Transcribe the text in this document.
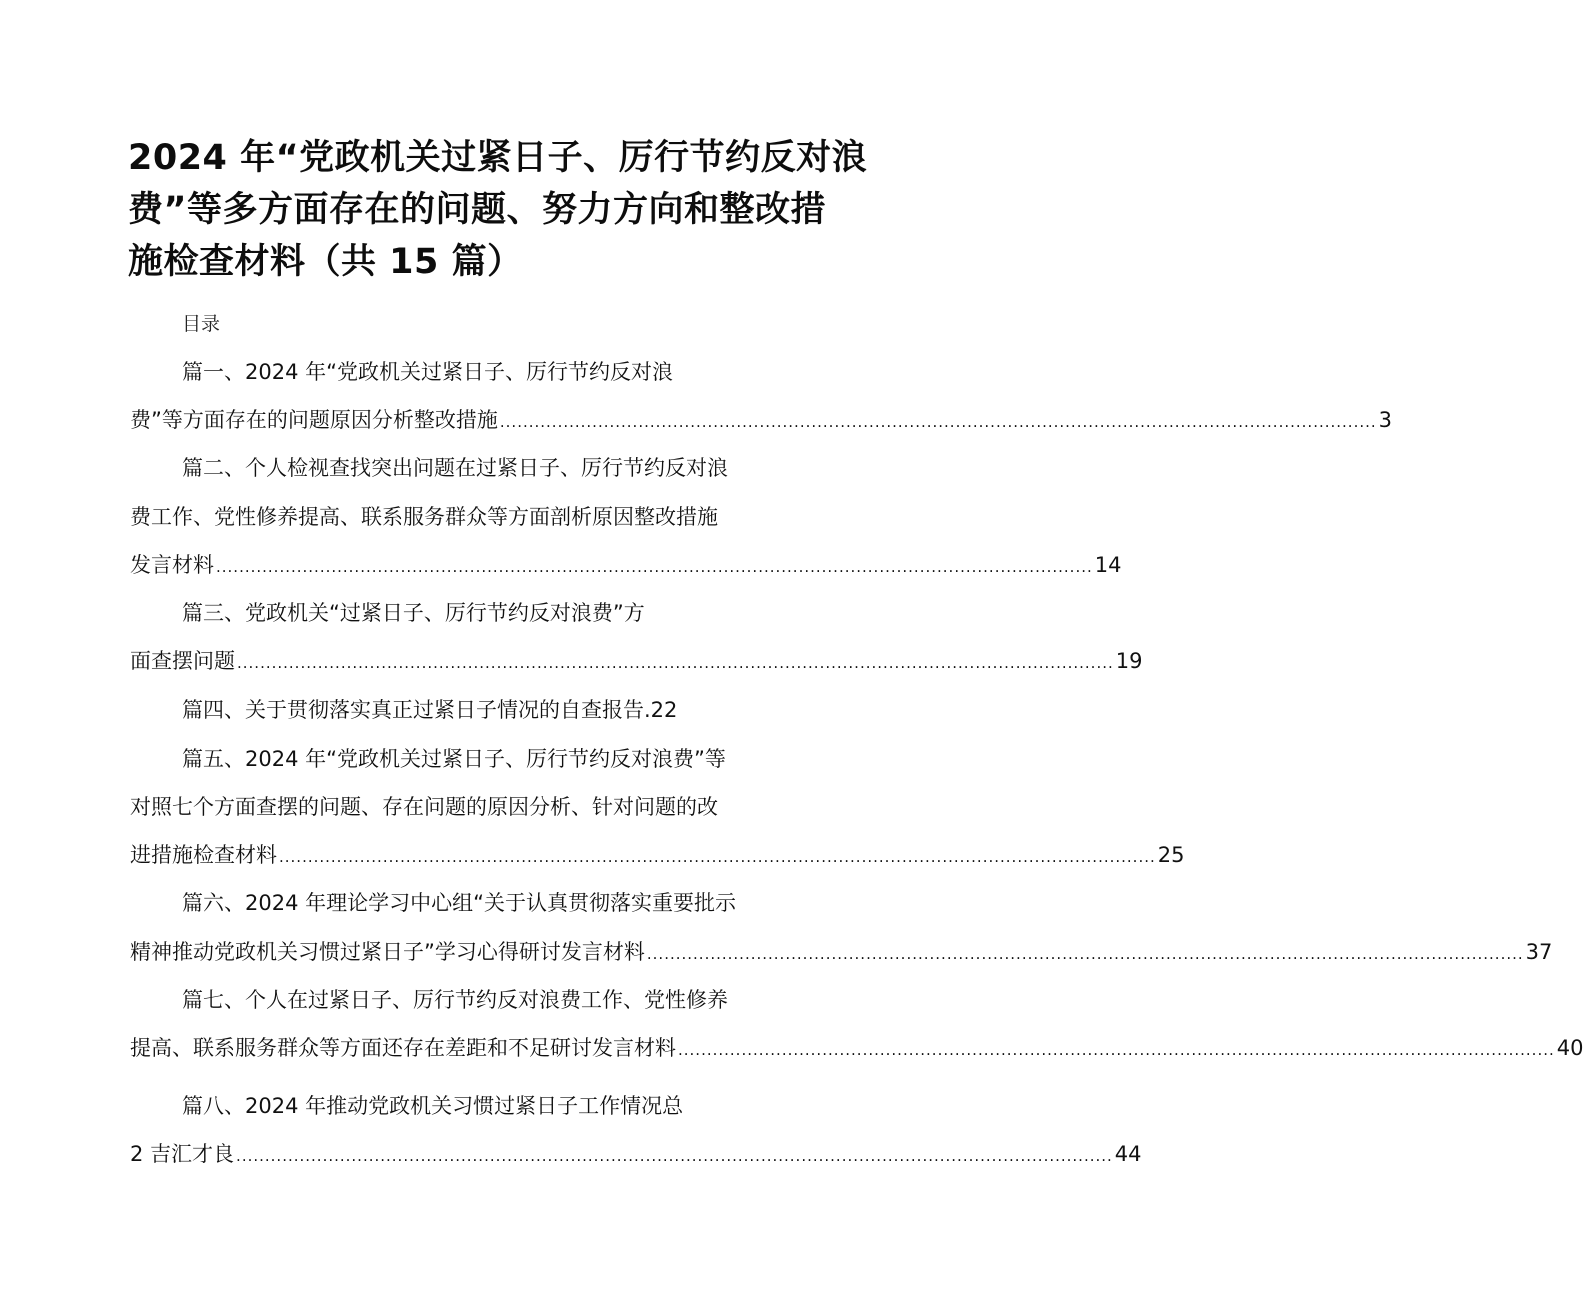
2024 年“党政机关过紧日子、厉行节约反对浪
费”等多方面存在的问题、努力方向和整改措
施检查材料（共 15 篇）
目录
篇一、2024 年“党政机关过紧日子、厉行节约反对浪
费”等方面存在的问题原因分析整改措施 ........................................................................................................................................................ 3
篇二、个人检视查找突出问题在过紧日子、厉行节约反对浪
费工作、党性修养提高、联系服务群众等方面剖析原因整改措施
发言材料 ........................................................................................................................................................ 14
篇三、党政机关“过紧日子、厉行节约反对浪费”方
面查摆问题 ........................................................................................................................................................ 19
篇四、关于贯彻落实真正过紧日子情况的自查报告.22
篇五、2024 年“党政机关过紧日子、厉行节约反对浪费”等
对照七个方面查摆的问题、存在问题的原因分析、针对问题的改
进措施检查材料 ........................................................................................................................................................ 25
篇六、2024 年理论学习中心组“关于认真贯彻落实重要批示
精神推动党政机关习惯过紧日子”学习心得研讨发言材料 ........................................................................................................................................................ 37
篇七、个人在过紧日子、厉行节约反对浪费工作、党性修养
提高、联系服务群众等方面还存在差距和不足研讨发言材料 ........................................................................................................................................................ 40
篇八、2024 年推动党政机关习惯过紧日子工作情况总
2 吉汇才良 ........................................................................................................................................................ 44
